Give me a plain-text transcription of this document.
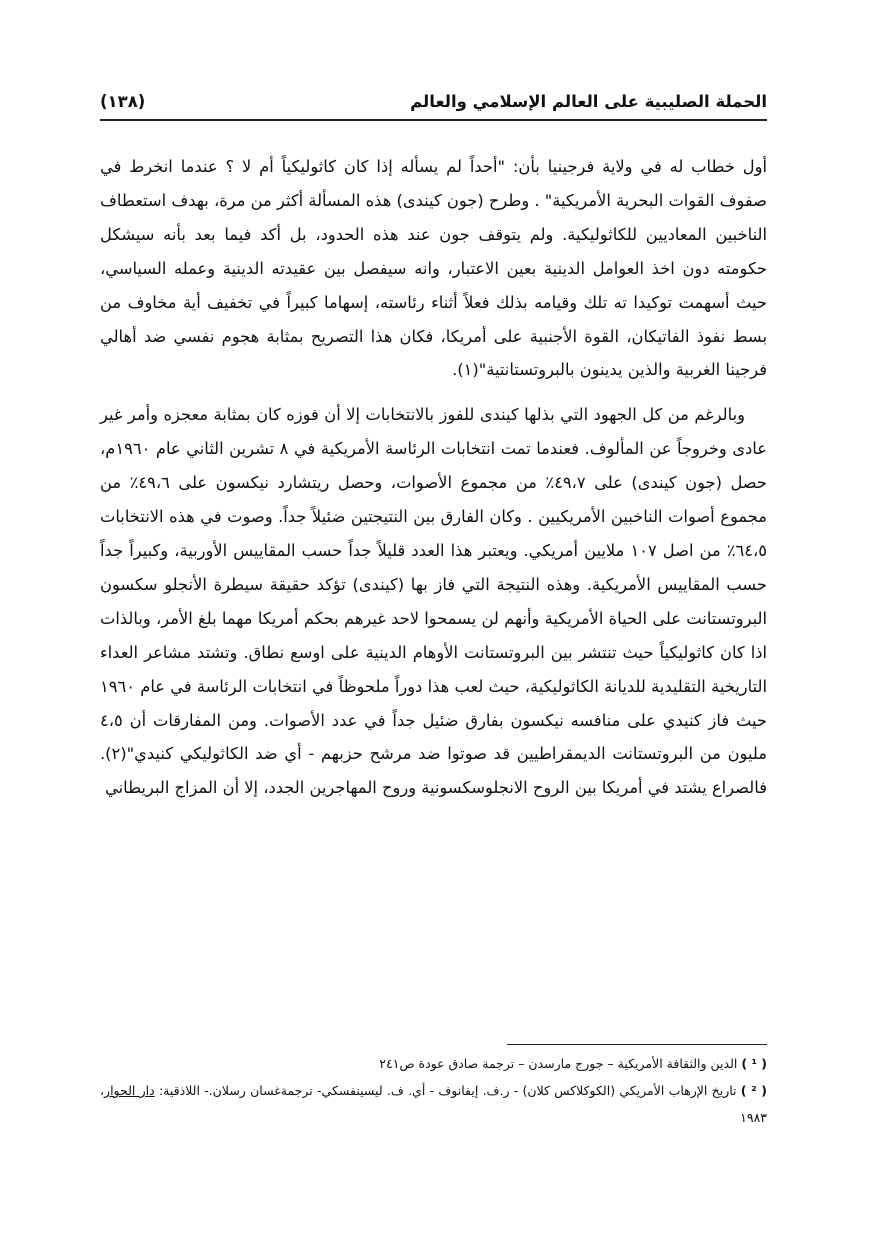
الحملة الصليبية على العالم الإسلامي والعالم
(١٣٨)

أول خطاب له في ولاية فرجينيا بأن: "أحداً لم يسأله إذا كان كاثوليكياً أم لا ؟ عندما انخرط في صفوف القوات البحرية الأمريكية" . وطرح (جون كيندى) هذه المسألة أكثر من مرة، بهدف استعطاف الناخبين المعاديين للكاثوليكية. ولم يتوقف جون عند هذه الحدود، بل أكد فيما بعد بأنه سيشكل حكومته دون اخذ العوامل الدينية بعين الاعتبار، وانه سيفصل بين عقيدته الدينية وعمله السياسي، حيث أسهمت توكيدا ته تلك وقيامه بذلك فعلاً أثناء رئاسته، إسهاما كبيراً في تخفيف أية مخاوف من بسط نفوذ الفاتيكان، القوة الأجنبية على أمريكا، فكان هذا التصريح بمثابة هجوم نفسي ضد أهالي فرجينا الغربية والذين يدينون بالبروتستانتية"(١).

وبالرغم من كل الجهود التي بذلها كيندى للفوز بالانتخابات إلا أن فوزه كان بمثابة معجزه وأمر غير عادى وخروجاً عن المألوف. فعندما تمت انتخابات الرئاسة الأمريكية في ٨ تشرين الثاني عام ١٩٦٠م، حصل (جون كيندى) على ٤٩،٧٪ من مجموع الأصوات، وحصل ريتشارد نيكسون على ٤٩،٦٪ من مجموع أصوات الناخبين الأمريكيين . وكان الفارق بين النتيجتين ضئيلاً جداً. وصوت في هذه الانتخابات ٦٤،٥٪ من اصل ١٠٧ ملايين أمريكي. ويعتبر هذا العدد قليلاً جداً حسب المقاييس الأوربية، وكبيراً جداً حسب المقاييس الأمريكية. وهذه النتيجة التي فاز بها (كيندى) تؤكد حقيقة سيطرة الأنجلو سكسون البروتستانت على الحياة الأمريكية وأنهم لن يسمحوا لاحد غيرهم بحكم أمريكا مهما بلغ الأمر، وبالذات اذا كان كاثوليكياً حيث تنتشر بين البروتستانت الأوهام الدينية على اوسع نطاق. وتشتد مشاعر العداء التاريخية التقليدية للديانة الكاثوليكية، حيث لعب هذا دوراً ملحوظاً في انتخابات الرئاسة في عام ١٩٦٠ حيث فاز كنيدي على منافسه نيكسون بفارق ضئيل جداً في عدد الأصوات. ومن المفارقات أن ٤،٥ مليون من البروتستانت الديمقراطيين قد صوتوا ضد مرشح حزبهم - أي ضد الكاثوليكي كنيدي"(٢). فالصراع يشتد في أمريكا بين الروح الانجلوسكسونية وروح المهاجرين الجدد، إلا أن المزاج البريطاني

( ¹ ) الدين والثقافة الأمريكية – جورج مارسدن – ترجمة صادق عودة ص٢٤١

( ² ) تاريخ الإرهاب الأمريكي (الكوكلاكس كلان) - ر.ف. إيفانوف - أي. ف. ليسينفسكي- ترجمةغسان رسلان.- اللاذقية: دار الحوار، ١٩٨٣
